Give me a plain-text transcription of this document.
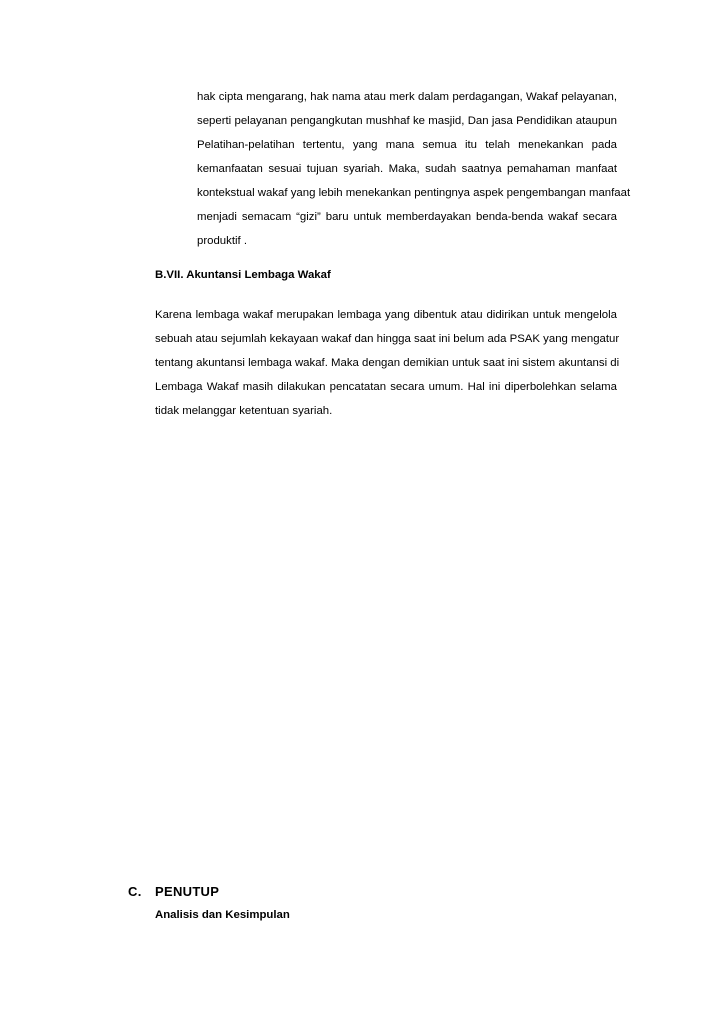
hak cipta mengarang, hak nama atau merk dalam perdagangan, Wakaf pelayanan,
seperti pelayanan pengangkutan mushhaf ke masjid, Dan jasa Pendidikan ataupun
Pelatihan-pelatihan tertentu, yang mana semua itu telah menekankan pada
kemanfaatan sesuai tujuan syariah. Maka, sudah saatnya pemahaman manfaat
kontekstual wakaf yang lebih menekankan pentingnya aspek pengembangan manfaat
menjadi semacam “gizi” baru untuk memberdayakan benda-benda wakaf secara
produktif .
B.VII. Akuntansi Lembaga Wakaf
Karena lembaga wakaf merupakan lembaga yang dibentuk atau didirikan untuk mengelola
sebuah atau sejumlah kekayaan wakaf dan hingga saat ini belum ada PSAK yang mengatur
tentang akuntansi lembaga wakaf. Maka dengan demikian untuk saat ini sistem akuntansi di
Lembaga Wakaf masih dilakukan pencatatan secara umum. Hal ini diperbolehkan selama
tidak melanggar ketentuan syariah.
C. PENUTUP
Analisis dan Kesimpulan
